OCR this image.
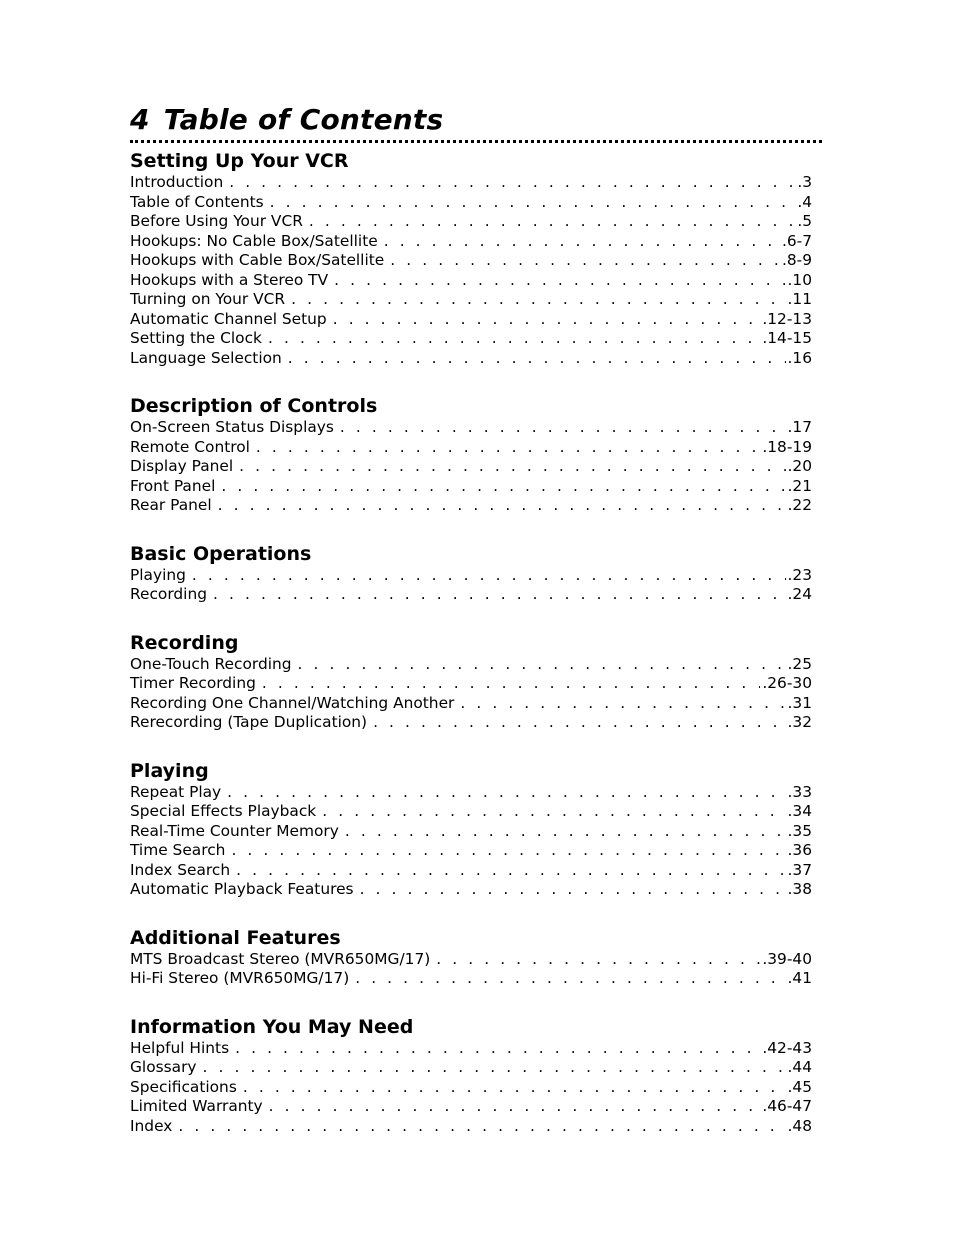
4 Table of Contents
Setting Up Your VCR
Introduction . . .	.3
Table of Contents . . .	.4
Before Using Your VCR . . .	.5
Hookups: No Cable Box/Satellite . . .	.6-7
Hookups with Cable Box/Satellite . . .	.8-9
Hookups with a Stereo TV . . .	.10
Turning on Your VCR . . .	.11
Automatic Channel Setup . . .	.12-13
Setting the Clock . . .	.14-15
Language Selection . . .	.16
Description of Controls
On-Screen Status Displays . . .	.17
Remote Control . . .	.18-19
Display Panel . . .	.20
Front Panel . . .	.21
Rear Panel . . .	.22
Basic Operations
Playing . . .	.23
Recording . . .	.24
Recording
One-Touch Recording . . .	.25
Timer Recording . . .	.26-30
Recording One Channel/Watching Another . . .	.31
Rerecording (Tape Duplication) . . .	.32
Playing
Repeat Play . . .	.33
Special Effects Playback . . .	.34
Real-Time Counter Memory . . .	.35
Time Search . . .	.36
Index Search . . .	.37
Automatic Playback Features . . .	.38
Additional Features
MTS Broadcast Stereo (MVR650MG/17) . . .	.39-40
Hi-Fi Stereo (MVR650MG/17) . . .	.41
Information You May Need
Helpful Hints . . .	.42-43
Glossary . . .	.44
Specifications . . .	.45
Limited Warranty . . .	.46-47
Index . . .	.48
